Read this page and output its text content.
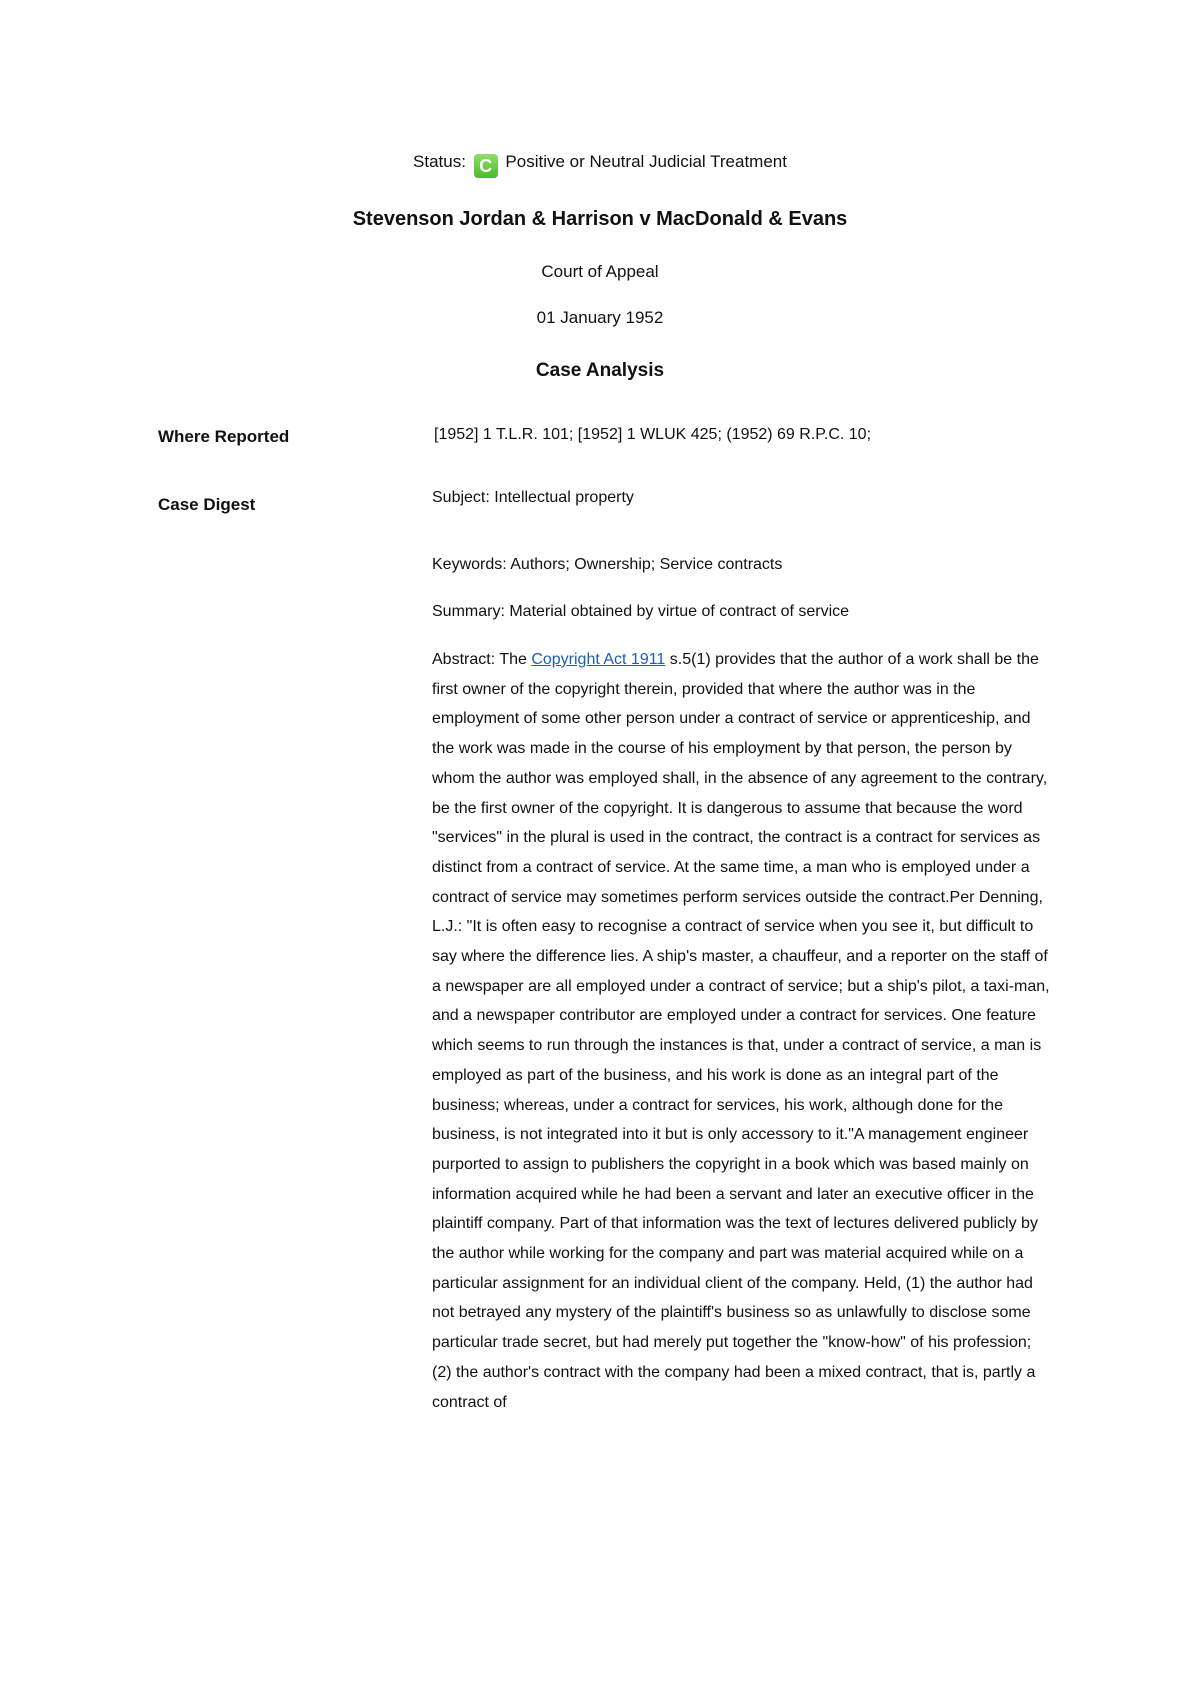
Status: C Positive or Neutral Judicial Treatment
Stevenson Jordan & Harrison v MacDonald & Evans
Court of Appeal
01 January 1952
Case Analysis
Where Reported	[1952] 1 T.L.R. 101; [1952] 1 WLUK 425; (1952) 69 R.P.C. 10;
Case Digest	Subject: Intellectual property
Keywords: Authors; Ownership; Service contracts
Summary: Material obtained by virtue of contract of service
Abstract: The Copyright Act 1911 s.5(1) provides that the author of a work shall be the first owner of the copyright therein, provided that where the author was in the employment of some other person under a contract of service or apprenticeship, and the work was made in the course of his employment by that person, the person by whom the author was employed shall, in the absence of any agreement to the contrary, be the first owner of the copyright. It is dangerous to assume that because the word "services" in the plural is used in the contract, the contract is a contract for services as distinct from a contract of service. At the same time, a man who is employed under a contract of service may sometimes perform services outside the contract.Per Denning, L.J.: "It is often easy to recognise a contract of service when you see it, but difficult to say where the difference lies. A ship's master, a chauffeur, and a reporter on the staff of a newspaper are all employed under a contract of service; but a ship's pilot, a taxi-man, and a newspaper contributor are employed under a contract for services. One feature which seems to run through the instances is that, under a contract of service, a man is employed as part of the business, and his work is done as an integral part of the business; whereas, under a contract for services, his work, although done for the business, is not integrated into it but is only accessory to it."A management engineer purported to assign to publishers the copyright in a book which was based mainly on information acquired while he had been a servant and later an executive officer in the plaintiff company. Part of that information was the text of lectures delivered publicly by the author while working for the company and part was material acquired while on a particular assignment for an individual client of the company. Held, (1) the author had not betrayed any mystery of the plaintiff's business so as unlawfully to disclose some particular trade secret, but had merely put together the "know-how" of his profession; (2) the author's contract with the company had been a mixed contract, that is, partly a contract of
